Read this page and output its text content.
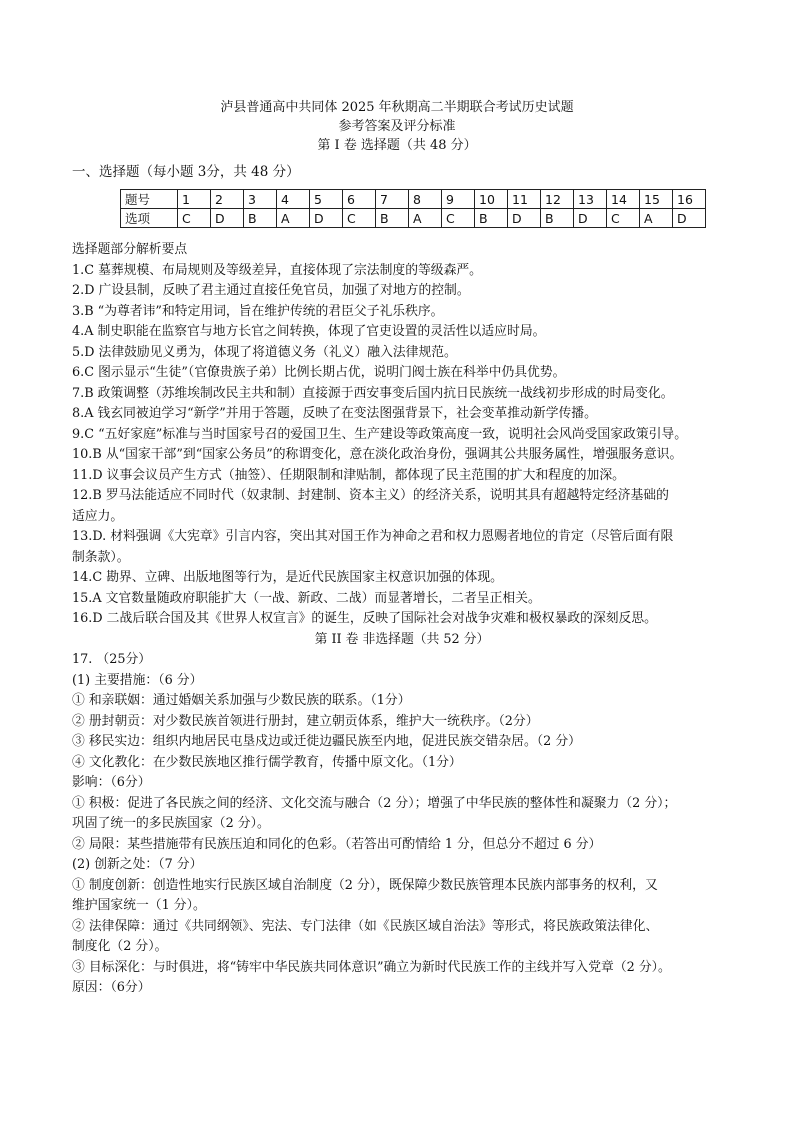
泸县普通高中共同体 2025 年秋期高二半期联合考试历史试题
参考答案及评分标准
第 I 卷 选择题（共 48 分）
一、选择题（每小题 3分，共 48 分）
题号	1	2	3	4	5	6	7	8	9	10	11	12	13	14	15	16
选项	C	D	B	A	D	C	B	A	C	B	D	B	D	C	A	D
选择题部分解析要点
1.C 墓葬规模、布局规则及等级差异，直接体现了宗法制度的等级森严。
2.D 广设县制，反映了君主通过直接任免官员，加强了对地方的控制。
3.B “为尊者讳”和特定用词，旨在维护传统的君臣父子礼乐秩序。
4.A 制史职能在监察官与地方长官之间转换，体现了官吏设置的灵活性以适应时局。
5.D 法律鼓励见义勇为，体现了将道德义务（礼义）融入法律规范。
6.C 图示显示“生徒”（官僚贵族子弟）比例长期占优，说明门阀士族在科举中仍具优势。
7.B 政策调整（苏维埃制改民主共和制）直接源于西安事变后国内抗日民族统一战线初步形成的时局变化。
8.A 钱玄同被迫学习“新学”并用于答题，反映了在变法图强背景下，社会变革推动新学传播。
9.C “五好家庭”标准与当时国家号召的爱国卫生、生产建设等政策高度一致，说明社会风尚受国家政策引导。
10.B 从“国家干部”到“国家公务员”的称谓变化，意在淡化政治身份，强调其公共服务属性，增强服务意识。
11.D 议事会议员产生方式（抽签）、任期限制和津贴制，都体现了民主范围的扩大和程度的加深。
12.B 罗马法能适应不同时代（奴隶制、封建制、资本主义）的经济关系，说明其具有超越特定经济基础的
适应力。
13.D. 材料强调《大宪章》引言内容，突出其对国王作为神命之君和权力恩赐者地位的肯定（尽管后面有限
制条款）。
14.C 勘界、立碑、出版地图等行为，是近代民族国家主权意识加强的体现。
15.A 文官数量随政府职能扩大（一战、新政、二战）而显著增长，二者呈正相关。
16.D 二战后联合国及其《世界人权宣言》的诞生，反映了国际社会对战争灾难和极权暴政的深刻反思。
第 II 卷 非选择题（共 52 分）
17. （25分）
(1) 主要措施：（6 分）
① 和亲联姻：通过婚姻关系加强与少数民族的联系。（1分）
② 册封朝贡：对少数民族首领进行册封，建立朝贡体系，维护大一统秩序。（2分）
③ 移民实边：组织内地居民屯垦戍边或迁徙边疆民族至内地，促进民族交错杂居。（2 分）
④ 文化教化：在少数民族地区推行儒学教育，传播中原文化。（1分）
影响：（6分）
① 积极：促进了各民族之间的经济、文化交流与融合（2 分）；增强了中华民族的整体性和凝聚力（2 分）；
巩固了统一的多民族国家（2 分）。
② 局限：某些措施带有民族压迫和同化的色彩。（若答出可酌情给 1 分，但总分不超过 6 分）
(2) 创新之处：（7 分）
① 制度创新：创造性地实行民族区域自治制度（2 分），既保障少数民族管理本民族内部事务的权利，又
维护国家统一（1 分）。
② 法律保障：通过《共同纲领》、宪法、专门法律（如《民族区域自治法》等形式，将民族政策法律化、
制度化（2 分）。
③ 目标深化：与时俱进，将“铸牢中华民族共同体意识”确立为新时代民族工作的主线并写入党章（2 分）。
原因：（6分）
